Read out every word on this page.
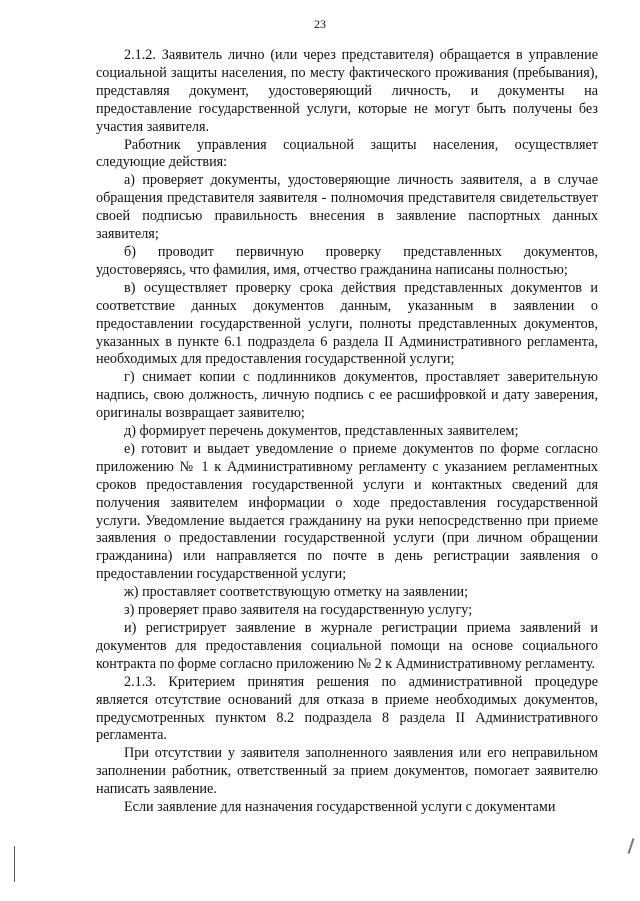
23

2.1.2. Заявитель лично (или через представителя) обращается в управление социальной защиты населения, по месту фактического проживания (пребывания), представляя документ, удостоверяющий личность, и документы на предоставление государственной услуги, которые не могут быть получены без участия заявителя.

Работник управления социальной защиты населения, осуществляет следующие действия:

а) проверяет документы, удостоверяющие личность заявителя, а в случае обращения представителя заявителя - полномочия представителя свидетельствует своей подписью правильность внесения в заявление паспортных данных заявителя;

б) проводит первичную проверку представленных документов, удостоверяясь, что фамилия, имя, отчество гражданина написаны полностью;

в) осуществляет проверку срока действия представленных документов и соответствие данных документов данным, указанным в заявлении о предоставлении государственной услуги, полноты представленных документов, указанных в пункте 6.1 подраздела 6 раздела II Административного регламента, необходимых для предоставления государственной услуги;

г) снимает копии с подлинников документов, проставляет заверительную надпись, свою должность, личную подпись с ее расшифровкой и дату заверения, оригиналы возвращает заявителю;

д) формирует перечень документов, представленных заявителем;

е) готовит и выдает уведомление о приеме документов по форме согласно приложению № 1 к Административному регламенту с указанием регламентных сроков предоставления государственной услуги и контактных сведений для получения заявителем информации о ходе предоставления государственной услуги. Уведомление выдается гражданину на руки непосредственно при приеме заявления о предоставлении государственной услуги (при личном обращении гражданина) или направляется по почте в день регистрации заявления о предоставлении государственной услуги;

ж) проставляет соответствующую отметку на заявлении;

з) проверяет право заявителя на государственную услугу;

и) регистрирует заявление в журнале регистрации приема заявлений и документов для предоставления социальной помощи на основе социального контракта по форме согласно приложению № 2 к Административному регламенту.

2.1.3. Критерием принятия решения по административной процедуре является отсутствие оснований для отказа в приеме необходимых документов, предусмотренных пунктом 8.2 подраздела 8 раздела II Административного регламента.

При отсутствии у заявителя заполненного заявления или его неправильном заполнении работник, ответственный за прием документов, помогает заявителю написать заявление.

Если заявление для назначения государственной услуги с документами
